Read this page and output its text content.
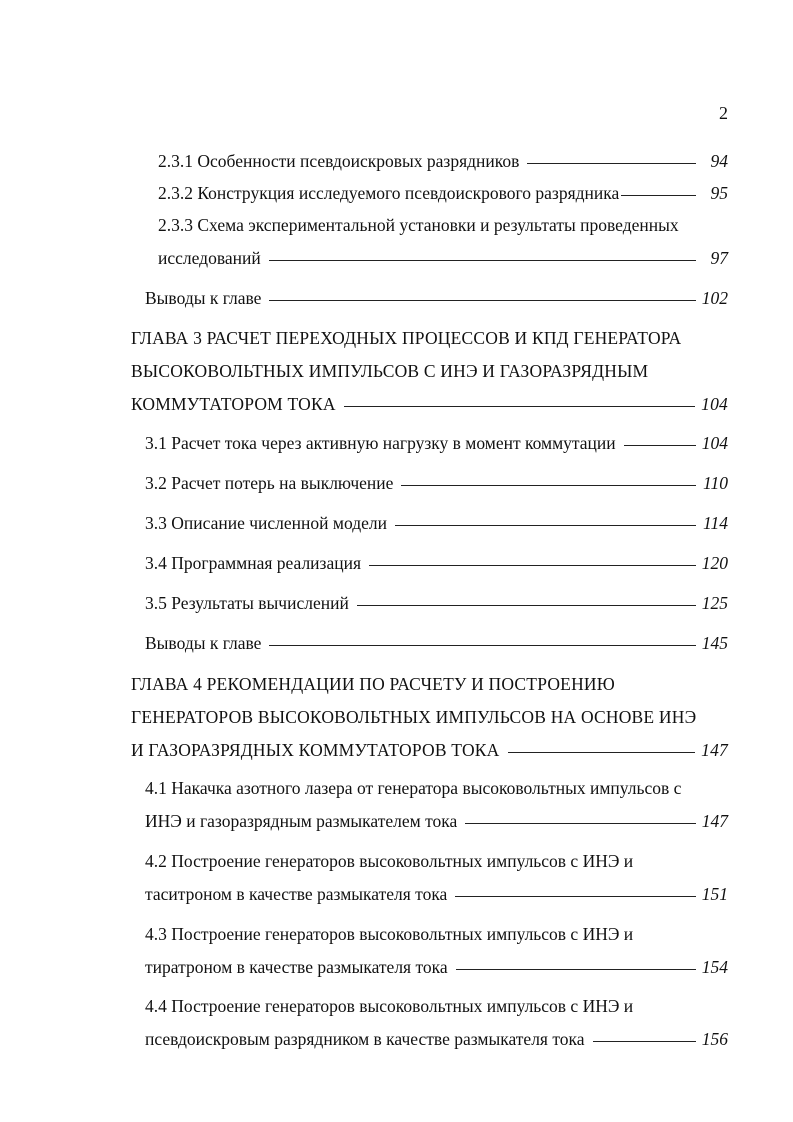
2
2.3.1 Особенности псевдоискровых разрядников	94
2.3.2 Конструкция исследуемого псевдоискрового разрядника	95
2.3.3 Схема экспериментальной установки и результаты проведенных
исследований	97
Выводы к главе	102
ГЛАВА 3 РАСЧЕТ ПЕРЕХОДНЫХ ПРОЦЕССОВ И КПД ГЕНЕРАТОРА
ВЫСОКОВОЛЬТНЫХ ИМПУЛЬСОВ С ИНЭ И ГАЗОРАЗРЯДНЫМ
КОММУТАТОРОМ ТОКА	104
3.1 Расчет тока через активную нагрузку в момент коммутации	104
3.2 Расчет потерь на выключение	110
3.3 Описание численной модели	114
3.4 Программная реализация	120
3.5 Результаты вычислений	125
Выводы к главе	145
ГЛАВА 4 РЕКОМЕНДАЦИИ ПО РАСЧЕТУ И ПОСТРОЕНИЮ
ГЕНЕРАТОРОВ ВЫСОКОВОЛЬТНЫХ ИМПУЛЬСОВ НА ОСНОВЕ ИНЭ
И ГАЗОРАЗРЯДНЫХ КОММУТАТОРОВ ТОКА	147
4.1 Накачка азотного лазера от генератора высоковольтных импульсов с
ИНЭ и газоразрядным размыкателем тока	147
4.2 Построение генераторов высоковольтных импульсов с ИНЭ и
таситроном в качестве размыкателя тока	151
4.3 Построение генераторов высоковольтных импульсов с ИНЭ и
тиратроном в качестве размыкателя тока	154
4.4 Построение генераторов высоковольтных импульсов с ИНЭ и
псевдоискровым разрядником в качестве размыкателя тока	156
